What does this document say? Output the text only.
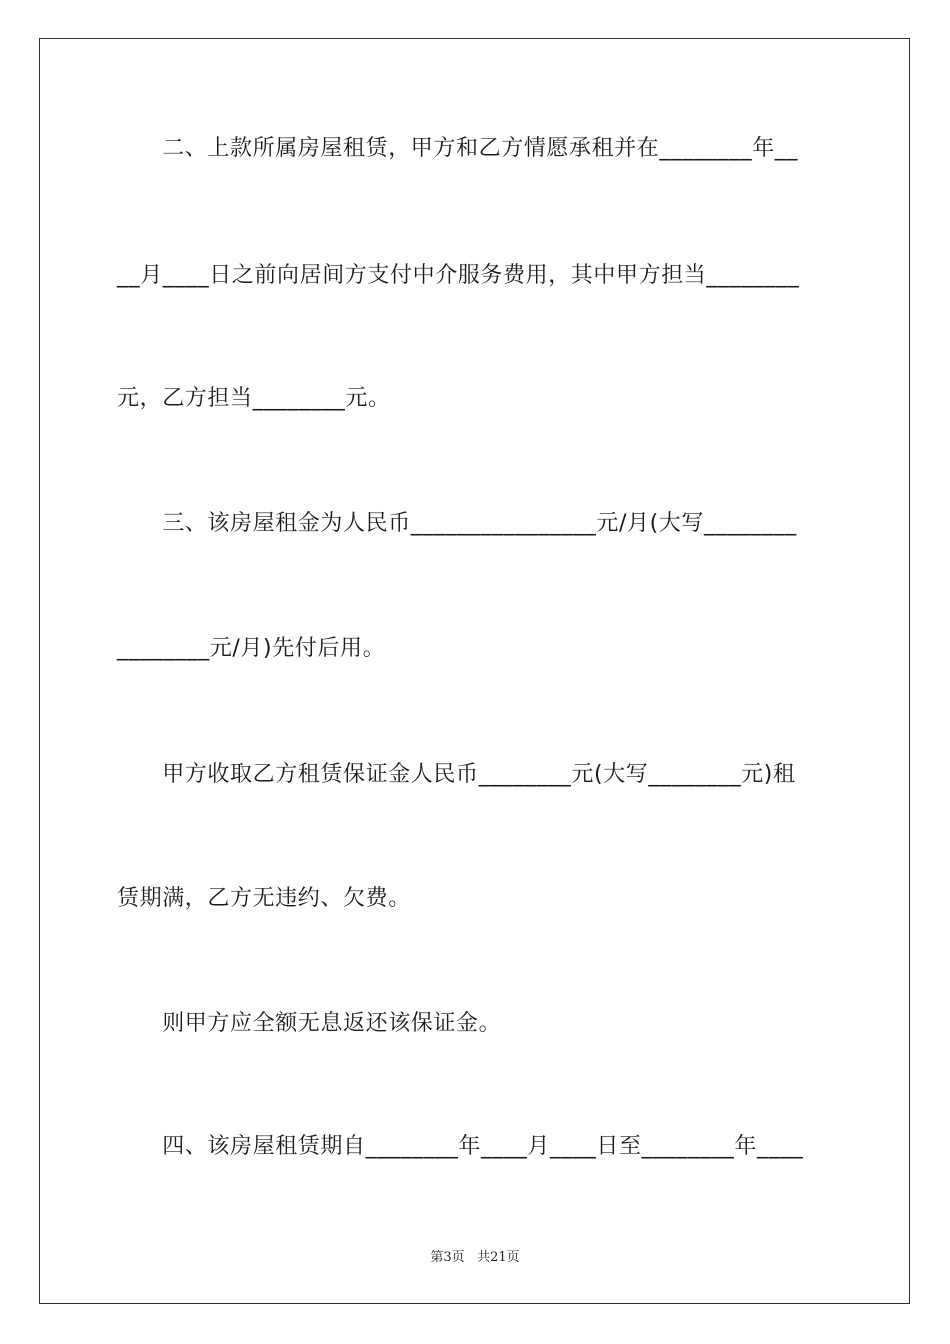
　　二、上款所属房屋租赁，甲方和乙方情愿承租并在________年__
__月____日之前向居间方支付中介服务费用，其中甲方担当________
元，乙方担当________元。
　　三、该房屋租金为人民币________________元/月(大写________
________元/月)先付后用。
　　甲方收取乙方租赁保证金人民币________元(大写________元)租
赁期满，乙方无违约、欠费。
　　则甲方应全额无息返还该保证金。
　　四、该房屋租赁期自________年____月____日至________年____
第3页 共21页
